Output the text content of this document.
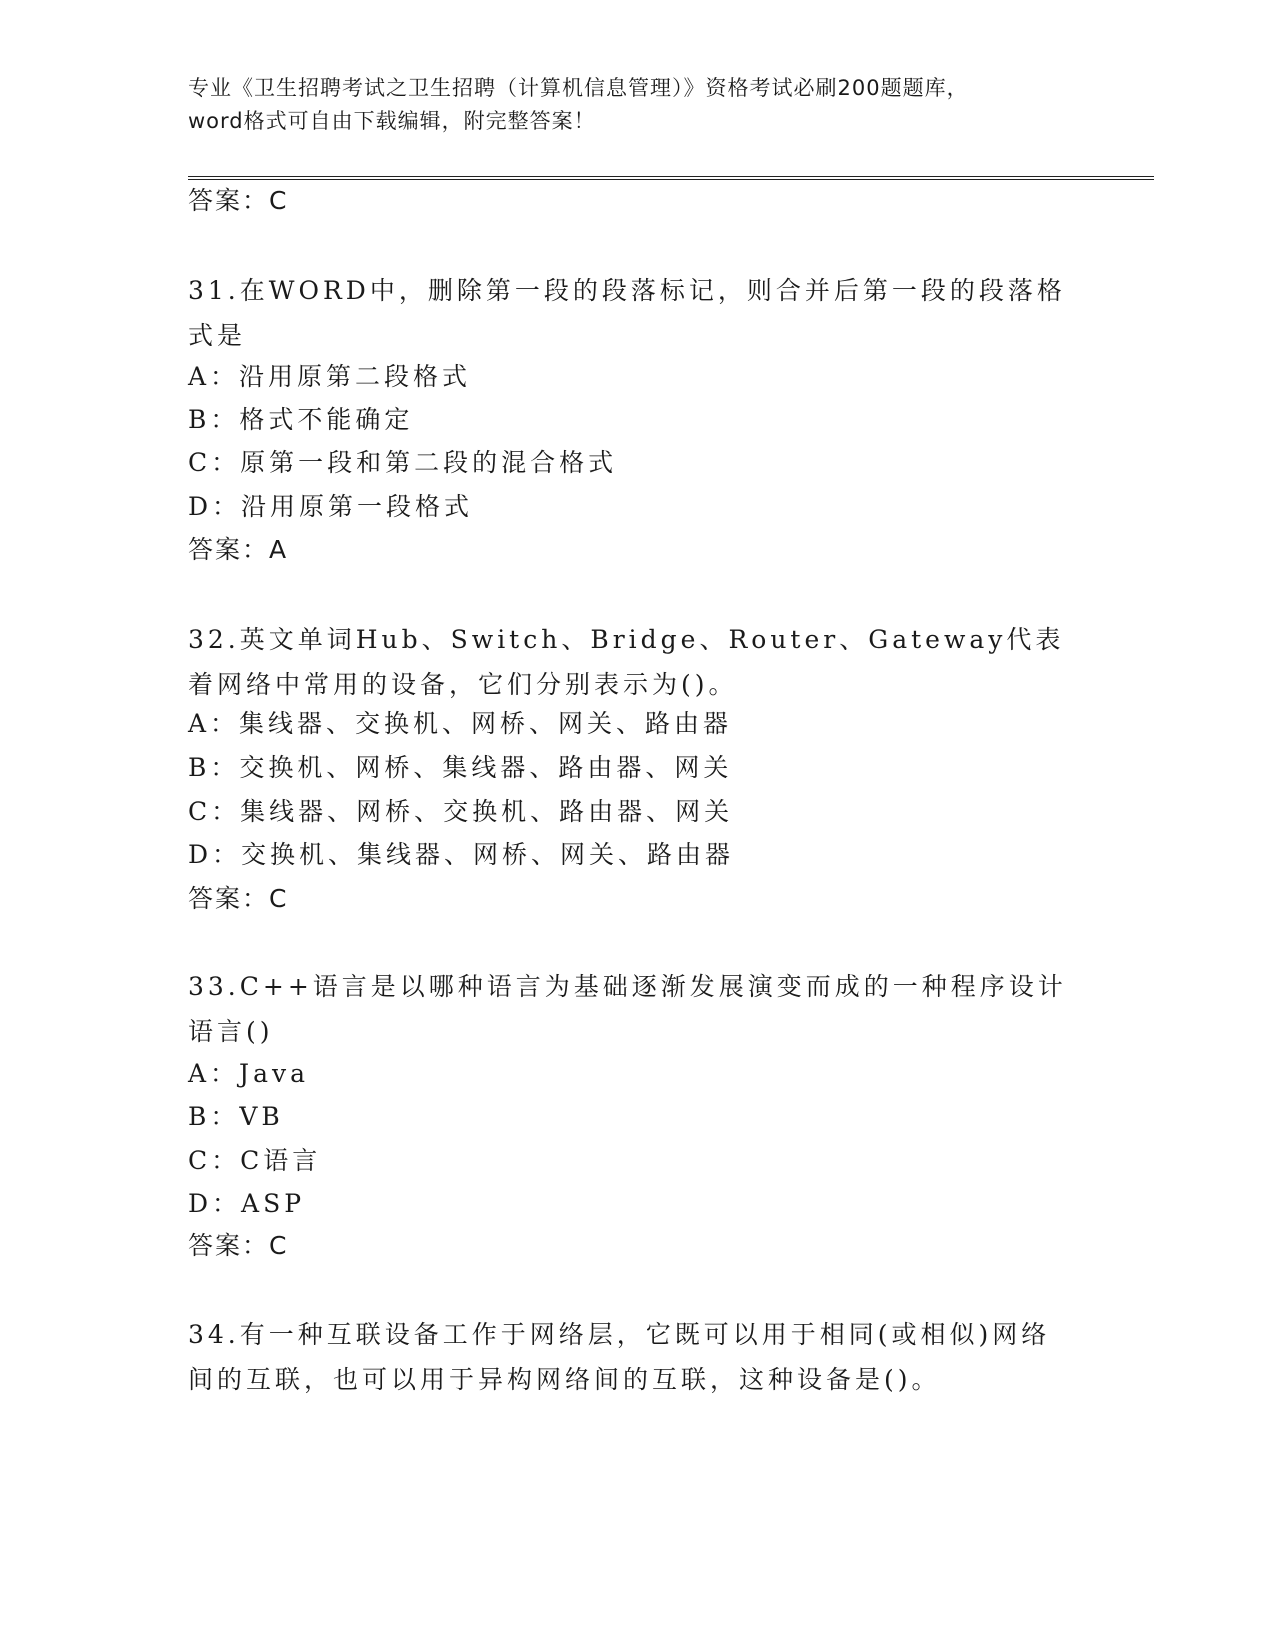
专业《卫生招聘考试之卫生招聘（计算机信息管理）》资格考试必刷200题题库，
word格式可自由下载编辑，附完整答案！
答案：C
31.在WORD中，删除第一段的段落标记，则合并后第一段的段落格式是
A：沿用原第二段格式
B：格式不能确定
C：原第一段和第二段的混合格式
D：沿用原第一段格式
答案：A
32.英文单词Hub、Switch、Bridge、Router、Gateway代表着网络中常用的设备，它们分别表示为()。
A：集线器、交换机、网桥、网关、路由器
B：交换机、网桥、集线器、路由器、网关
C：集线器、网桥、交换机、路由器、网关
D：交换机、集线器、网桥、网关、路由器
答案：C
33.C++语言是以哪种语言为基础逐渐发展演变而成的一种程序设计语言()
A：Java
B：VB
C：C语言
D：ASP
答案：C
34.有一种互联设备工作于网络层，它既可以用于相同(或相似)网络间的互联，也可以用于异构网络间的互联，这种设备是()。
